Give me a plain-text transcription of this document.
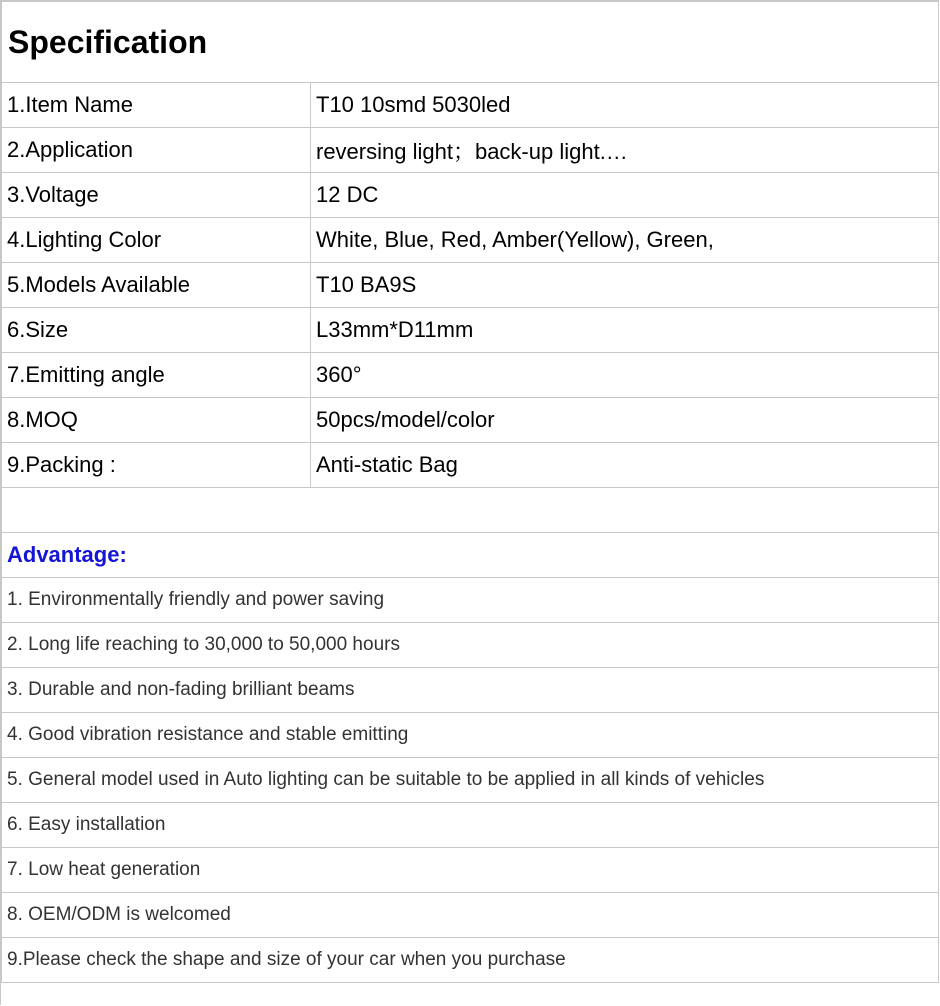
Specification	
1.Item Name	T10 10smd 5030led
2.Application	reversing light；back-up light.…
3.Voltage	12 DC
4.Lighting Color	White, Blue, Red, Amber(Yellow), Green,
5.Models Available	T10 BA9S
6.Size	L33mm*D11mm
7.Emitting angle	360°
8.MOQ	50pcs/model/color
9.Packing :	Anti-static Bag

Advantage:	
1. Environmentally friendly and power saving	
2. Long life reaching to 30,000 to 50,000 hours	
3. Durable and non-fading brilliant beams	
4. Good vibration resistance and stable emitting	
5. General model used in Auto lighting can be suitable to be applied in all kinds of vehicles	
6. Easy installation	
7. Low heat generation	
8. OEM/ODM is welcomed	
9.Please check the shape and size of your car when you purchase	
